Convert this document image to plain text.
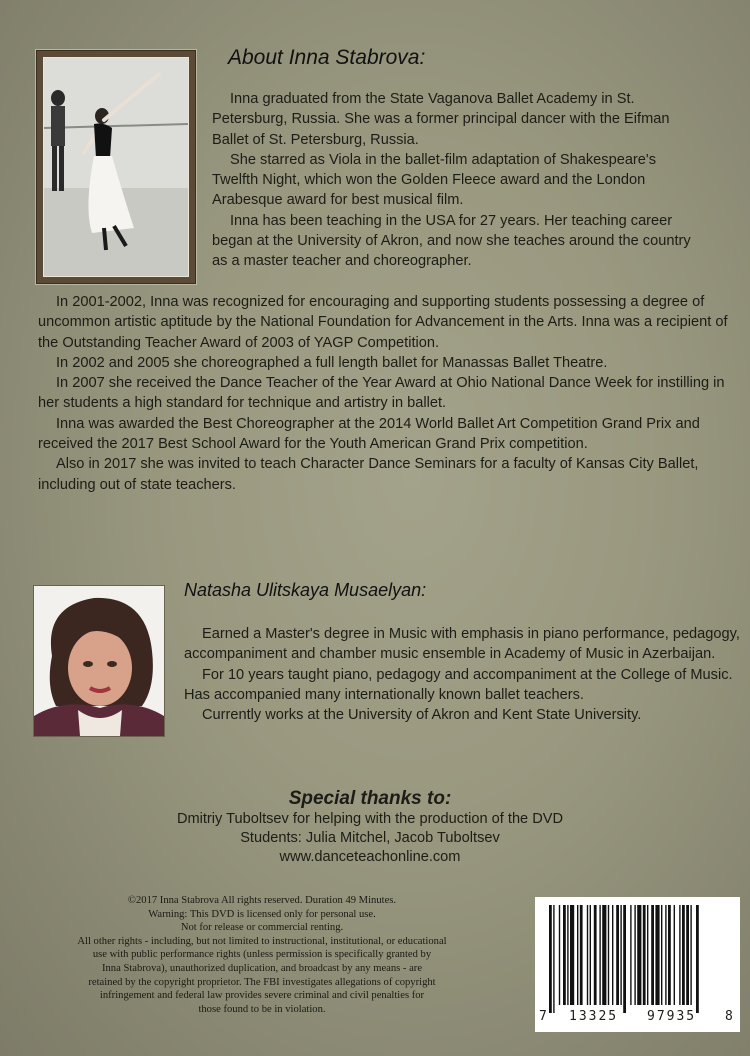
About Inna Stabrova:

Inna graduated from the State Vaganova Ballet Academy in St. Petersburg, Russia. She was a former principal dancer with the Eifman Ballet of St. Petersburg, Russia.

She starred as Viola in the ballet-film adaptation of Shakespeare's Twelfth Night, which won the Golden Fleece award and the London Arabesque award for best musical film.

Inna has been teaching in the USA for 27 years. Her teaching career began at the University of Akron, and now she teaches around the country as a master teacher and choreographer.

In 2001-2002, Inna was recognized for encouraging and supporting students possessing a degree of uncommon artistic aptitude by the National Foundation for Advancement in the Arts. Inna was a recipient of the Outstanding Teacher Award of 2003 of YAGP Competition.

In 2002 and 2005 she choreographed a full length ballet for Manassas Ballet Theatre.

In 2007 she received the Dance Teacher of the Year Award at Ohio National Dance Week for instilling in her students a high standard for technique and artistry in ballet.

Inna was awarded the Best Choreographer at the 2014 World Ballet Art Competition Grand Prix and received the 2017 Best School Award for the Youth American Grand Prix competition.

Also in 2017 she was invited to teach Character Dance Seminars for a faculty of Kansas City Ballet, including out of state teachers.

Natasha Ulitskaya Musaelyan:

Earned a Master's degree in Music with emphasis in piano performance, pedagogy, accompaniment and chamber music ensemble in Academy of Music in Azerbaijan.

For 10 years taught piano, pedagogy and accompaniment at the College of Music. Has accompanied many internationally known ballet teachers.

Currently works at the University of Akron and Kent State University.

Special thanks to:
Dmitriy Tuboltsev for helping with the production of the DVD
Students: Julia Mitchel, Jacob Tuboltsev
www.danceteachonline.com
©2017 Inna Stabrova All rights reserved. Duration 49 Minutes.
Warning: This DVD is licensed only for personal use.
Not for release or commercial renting.
All other rights - including, but not limited to instructional, institutional, or educational
use with public performance rights (unless permission is specifically granted by
Inna Stabrova), unauthorized duplication, and broadcast by any means - are
retained by the copyright proprietor. The FBI investigates allegations of copyright
infringement and federal law provides severe criminal and civil penalties for
those found to be in violation.	7 13325 97935 8
